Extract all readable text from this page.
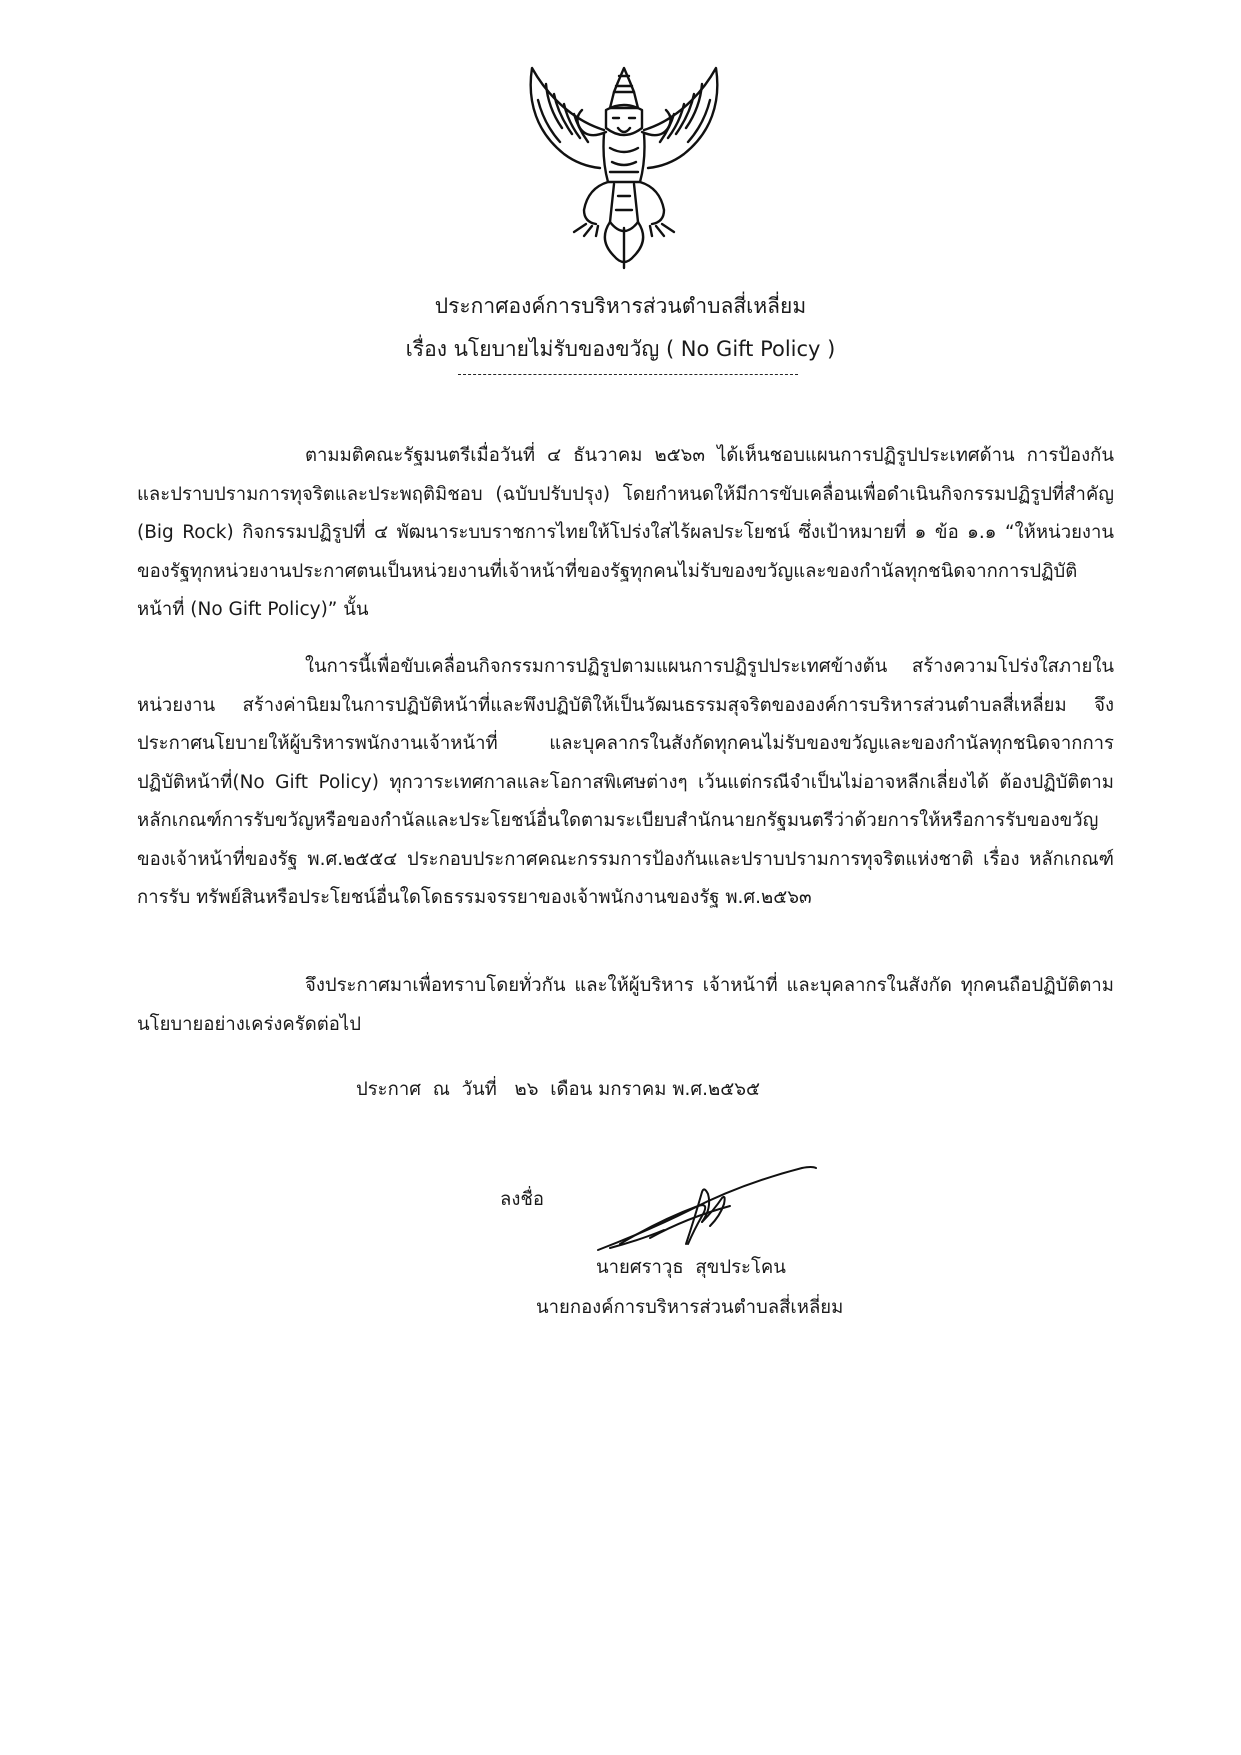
ประกาศองค์การบริหารส่วนตำบลสี่เหลี่ยม
เรื่อง นโยบายไม่รับของขวัญ ( No Gift Policy )

ตามมติคณะรัฐมนตรีเมื่อวันที่ ๔ ธันวาคม ๒๕๖๓ ได้เห็นชอบแผนการปฏิรูปประเทศด้าน การป้องกันและปราบปรามการทุจริตและประพฤติมิชอบ (ฉบับปรับปรุง) โดยกำหนดให้มีการขับเคลื่อนเพื่อดำเนินกิจกรรมปฏิรูปที่สำคัญ (Big Rock) กิจกรรมปฏิรูปที่ ๔ พัฒนาระบบราชการไทยให้โปร่งใสไร้ผลประโยชน์ ซึ่งเป้าหมายที่ ๑ ข้อ ๑.๑ “ให้หน่วยงานของรัฐทุกหน่วยงานประกาศตนเป็นหน่วยงานที่เจ้าหน้าที่ของรัฐทุกคนไม่รับของขวัญและของกำนัลทุกชนิดจากการปฏิบัติหน้าที่ (No Gift Policy)” นั้น

ในการนี้เพื่อขับเคลื่อนกิจกรรมการปฏิรูปตามแผนการปฏิรูปประเทศข้างต้น สร้างความโปร่งใสภายในหน่วยงาน สร้างค่านิยมในการปฏิบัติหน้าที่และพึงปฏิบัติให้เป็นวัฒนธรรมสุจริตขององค์การบริหารส่วนตำบลสี่เหลี่ยม จึงประกาศนโยบายให้ผู้บริหารพนักงานเจ้าหน้าที่ และบุคลากรในสังกัดทุกคนไม่รับของขวัญและของกำนัลทุกชนิดจากการปฏิบัติหน้าที่(No Gift Policy) ทุกวาระเทศกาลและโอกาสพิเศษต่างๆ เว้นแต่กรณีจำเป็นไม่อาจหลีกเลี่ยงได้ ต้องปฏิบัติตามหลักเกณฑ์การรับขวัญหรือของกำนัลและประโยชน์อื่นใดตามระเบียบสำนักนายกรัฐมนตรีว่าด้วยการให้หรือการรับของขวัญ ของเจ้าหน้าที่ของรัฐ พ.ศ.๒๕๕๔ ประกอบประกาศคณะกรรมการป้องกันและปราบปรามการทุจริตแห่งชาติ เรื่อง หลักเกณฑ์การรับ ทรัพย์สินหรือประโยชน์อื่นใดโดธรรมจรรยาของเจ้าพนักงานของรัฐ พ.ศ.๒๕๖๓

จึงประกาศมาเพื่อทราบโดยทั่วกัน และให้ผู้บริหาร เจ้าหน้าที่ และบุคลากรในสังกัด ทุกคนถือปฏิบัติตามนโยบายอย่างเคร่งครัดต่อไป

ประกาศ  ณ  วันที่   ๒๖  เดือน มกราคม พ.ศ.๒๕๖๕
ลงชื่อ
นายศราวุธ  สุขประโคน
นายกองค์การบริหารส่วนตำบลสี่เหลี่ยม
